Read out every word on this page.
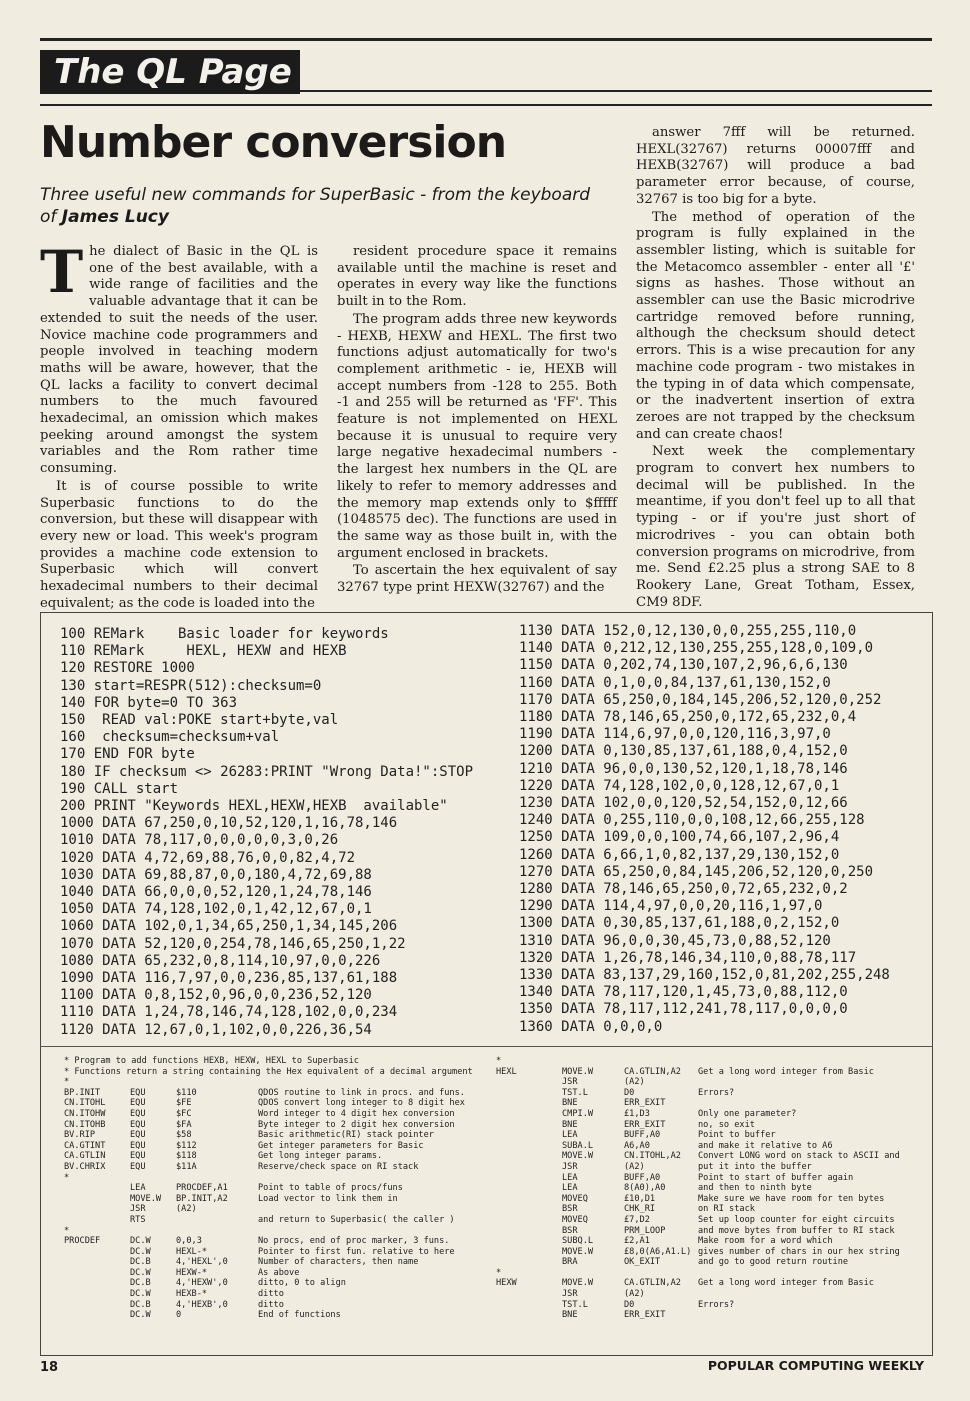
The QL Page
Number conversion

Three useful new commands for SuperBasic - from the keyboard of James Lucy

The dialect of Basic in the QL is one of the best available, with a wide range of facilities and the valuable advantage that it can be extended to suit the needs of the user. Novice machine code programmers and people involved in teaching modern maths will be aware, however, that the QL lacks a facility to convert decimal numbers to the much favoured hexadecimal, an omission which makes peeking around amongst the system variables and the Rom rather time consuming.

It is of course possible to write Superbasic functions to do the conversion, but these will disappear with every new or load. This week's program provides a machine code extension to Superbasic which will convert hexadecimal numbers to their decimal equivalent; as the code is loaded into the

resident procedure space it remains available until the machine is reset and operates in every way like the functions built in to the Rom.

The program adds three new keywords - HEXB, HEXW and HEXL. The first two functions adjust automatically for two's complement arithmetic - ie, HEXB will accept numbers from -128 to 255. Both -1 and 255 will be returned as 'FF'. This feature is not implemented on HEXL because it is unusual to require very large negative hexadecimal numbers - the largest hex numbers in the QL are likely to refer to memory addresses and the memory map extends only to $fffff (1048575 dec). The functions are used in the same way as those built in, with the argument enclosed in brackets.

To ascertain the hex equivalent of say 32767 type print HEXW(32767) and the

answer 7fff will be returned. HEXL(32767) returns 00007fff and HEXB(32767) will produce a bad parameter error because, of course, 32767 is too big for a byte.

The method of operation of the program is fully explained in the assembler listing, which is suitable for the Metacomco assembler - enter all '£' signs as hashes. Those without an assembler can use the Basic microdrive cartridge removed before running, although the checksum should detect errors. This is a wise precaution for any machine code program - two mistakes in the typing in of data which compensate, or the inadvertent insertion of extra zeroes are not trapped by the checksum and can create chaos!

Next week the complementary program to convert hex numbers to decimal will be published. In the meantime, if you don't feel up to all that typing - or if you're just short of microdrives - you can obtain both conversion programs on microdrive, from me. Send £2.25 plus a strong SAE to 8 Rookery Lane, Great Totham, Essex, CM9 8DF.

100 REMark    Basic loader for keywords
110 REMark     HEXL, HEXW and HEXB
120 RESTORE 1000
130 start=RESPR(512):checksum=0
140 FOR byte=0 TO 363
150  READ val:POKE start+byte,val
160  checksum=checksum+val
170 END FOR byte
180 IF checksum <> 26283:PRINT "Wrong Data!":STOP
190 CALL start
200 PRINT "Keywords HEXL,HEXW,HEXB  available"
1000 DATA 67,250,0,10,52,120,1,16,78,146
1010 DATA 78,117,0,0,0,0,0,3,0,26
1020 DATA 4,72,69,88,76,0,0,82,4,72
1030 DATA 69,88,87,0,0,180,4,72,69,88
1040 DATA 66,0,0,0,52,120,1,24,78,146
1050 DATA 74,128,102,0,1,42,12,67,0,1
1060 DATA 102,0,1,34,65,250,1,34,145,206
1070 DATA 52,120,0,254,78,146,65,250,1,22
1080 DATA 65,232,0,8,114,10,97,0,0,226
1090 DATA 116,7,97,0,0,236,85,137,61,188
1100 DATA 0,8,152,0,96,0,0,236,52,120
1110 DATA 1,24,78,146,74,128,102,0,0,234
1120 DATA 12,67,0,1,102,0,0,226,36,54
1130 DATA 152,0,12,130,0,0,255,255,110,0
1140 DATA 0,212,12,130,255,255,128,0,109,0
1150 DATA 0,202,74,130,107,2,96,6,6,130
1160 DATA 0,1,0,0,84,137,61,130,152,0
1170 DATA 65,250,0,184,145,206,52,120,0,252
1180 DATA 78,146,65,250,0,172,65,232,0,4
1190 DATA 114,6,97,0,0,120,116,3,97,0
1200 DATA 0,130,85,137,61,188,0,4,152,0
1210 DATA 96,0,0,130,52,120,1,18,78,146
1220 DATA 74,128,102,0,0,128,12,67,0,1
1230 DATA 102,0,0,120,52,54,152,0,12,66
1240 DATA 0,255,110,0,0,108,12,66,255,128
1250 DATA 109,0,0,100,74,66,107,2,96,4
1260 DATA 6,66,1,0,82,137,29,130,152,0
1270 DATA 65,250,0,84,145,206,52,120,0,250
1280 DATA 78,146,65,250,0,72,65,232,0,2
1290 DATA 114,4,97,0,0,20,116,1,97,0
1300 DATA 0,30,85,137,61,188,0,2,152,0
1310 DATA 96,0,0,30,45,73,0,88,52,120
1320 DATA 1,26,78,146,34,110,0,88,78,117
1330 DATA 83,137,29,160,152,0,81,202,255,248
1340 DATA 78,117,120,1,45,73,0,88,112,0
1350 DATA 78,117,112,241,78,117,0,0,0,0
1360 DATA 0,0,0,0
* Program to add functions HEXB, HEXW, HEXL to Superbasic
* Functions return a string containing the Hex equivalent of a decimal argument
*
BP.INIT	EQU	$110	QDOS routine to link in procs. and funs.
CN.ITOHL	EQU	$FE	QDOS convert long integer to 8 digit hex
CN.ITOHW	EQU	$FC	Word integer to 4 digit hex conversion
CN.ITOHB	EQU	$FA	Byte integer to 2 digit hex conversion
BV.RIP	EQU	$58	Basic arithmetic(RI) stack pointer
CA.GTINT	EQU	$112	Get integer parameters for Basic
CA.GTLIN	EQU	$118	Get long integer params.
BV.CHRIX	EQU	$11A	Reserve/check space on RI stack
*
LEA	PROCDEF,A1	Point to table of procs/funs
MOVE.W	BP.INIT,A2	Load vector to link them in
JSR	(A2)
RTS	and return to Superbasic( the caller )
*
PROCDEF	DC.W	0,0,3	No procs, end of proc marker, 3 funs.
DC.W	HEXL-*	Pointer to first fun. relative to here
DC.B	4,'HEXL',0	Number of characters, then name
DC.W	HEXW-*	As above
DC.B	4,'HEXW',0	ditto, 0 to align
DC.W	HEXB-*	ditto
DC.B	4,'HEXB',0	ditto
DC.W	0	End of functions
*
HEXL	MOVE.W	CA.GTLIN,A2	Get a long word integer from Basic
JSR	(A2)
TST.L	D0	Errors?
BNE	ERR_EXIT
CMPI.W	£1,D3	Only one parameter?
BNE	ERR_EXIT	no, so exit
LEA	BUFF,A0	Point to buffer
SUBA.L	A6,A0	and make it relative to A6
MOVE.W	CN.ITOHL,A2	Convert LONG word on stack to ASCII and
JSR	(A2)	put it into the buffer
LEA	BUFF,A0	Point to start of buffer again
LEA	8(A0),A0	and then to ninth byte
MOVEQ	£10,D1	Make sure we have room for ten bytes
BSR	CHK_RI	on RI stack
MOVEQ	£7,D2	Set up loop counter for eight circuits
BSR	PRM_LOOP	and move bytes from buffer to RI stack
SUBQ.L	£2,A1	Make room for a word which
MOVE.W	£8,0(A6,A1.L) gives number of chars in our hex string
BRA	OK_EXIT	and go to good return routine
*
HEXW	MOVE.W	CA.GTLIN,A2	Get a long word integer from Basic
JSR	(A2)
TST.L	D0	Errors?
BNE	ERR_EXIT
18	POPULAR COMPUTING WEEKLY
